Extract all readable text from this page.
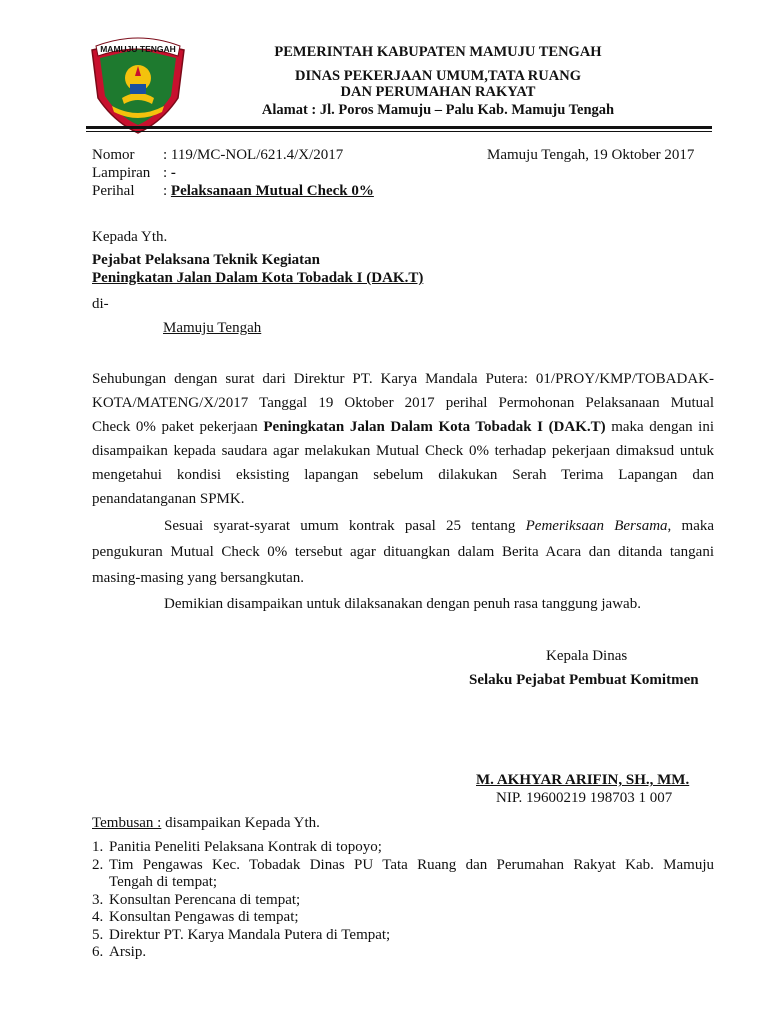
MAMUJU TENGAH	PEMERINTAH KABUPATEN MAMUJU TENGAH
DINAS PEKERJAAN UMUM,TATA RUANG
DAN PERUMAHAN RAKYAT
Alamat : Jl. Poros Mamuju – Palu Kab. Mamuju Tengah
Nomor : 119/MC-NOL/621.4/X/2017	Mamuju Tengah, 19 Oktober 2017
Lampiran : -
Perihal : Pelaksanaan Mutual Check 0%
Kepada Yth.
Pejabat Pelaksana Teknik Kegiatan
Peningkatan Jalan Dalam Kota Tobadak I (DAK.T)
di-
Mamuju Tengah
Sehubungan dengan surat dari Direktur PT. Karya Mandala Putera: 01/PROY/KMP/TOBADAK-
KOTA/MATENG/X/2017 Tanggal 19 Oktober 2017 perihal Permohonan Pelaksanaan Mutual
Check 0% paket pekerjaan Peningkatan Jalan Dalam Kota Tobadak I (DAK.T) maka dengan ini
disampaikan kepada saudara agar melakukan Mutual Check 0% terhadap pekerjaan dimaksud untuk
mengetahui kondisi eksisting lapangan sebelum dilakukan Serah Terima Lapangan dan
penandatanganan SPMK.
Sesuai syarat-syarat umum kontrak pasal 25 tentang Pemeriksaan Bersama, maka
pengukuran Mutual Check 0% tersebut agar dituangkan dalam Berita Acara dan ditanda tangani
masing-masing yang bersangkutan.
Demikian disampaikan untuk dilaksanakan dengan penuh rasa tanggung jawab.
Kepala Dinas
Selaku Pejabat Pembuat Komitmen
M. AKHYAR ARIFIN, SH., MM.
NIP. 19600219 198703 1 007
Tembusan : disampaikan Kepada Yth.
1. Panitia Peneliti Pelaksana Kontrak di topoyo;
2. Tim Pengawas Kec. Tobadak Dinas PU Tata Ruang dan Perumahan Rakyat Kab. Mamuju
Tengah di tempat;
3. Konsultan Perencana di tempat;
4. Konsultan Pengawas di tempat;
5. Direktur PT. Karya Mandala Putera di Tempat;
6. Arsip.
